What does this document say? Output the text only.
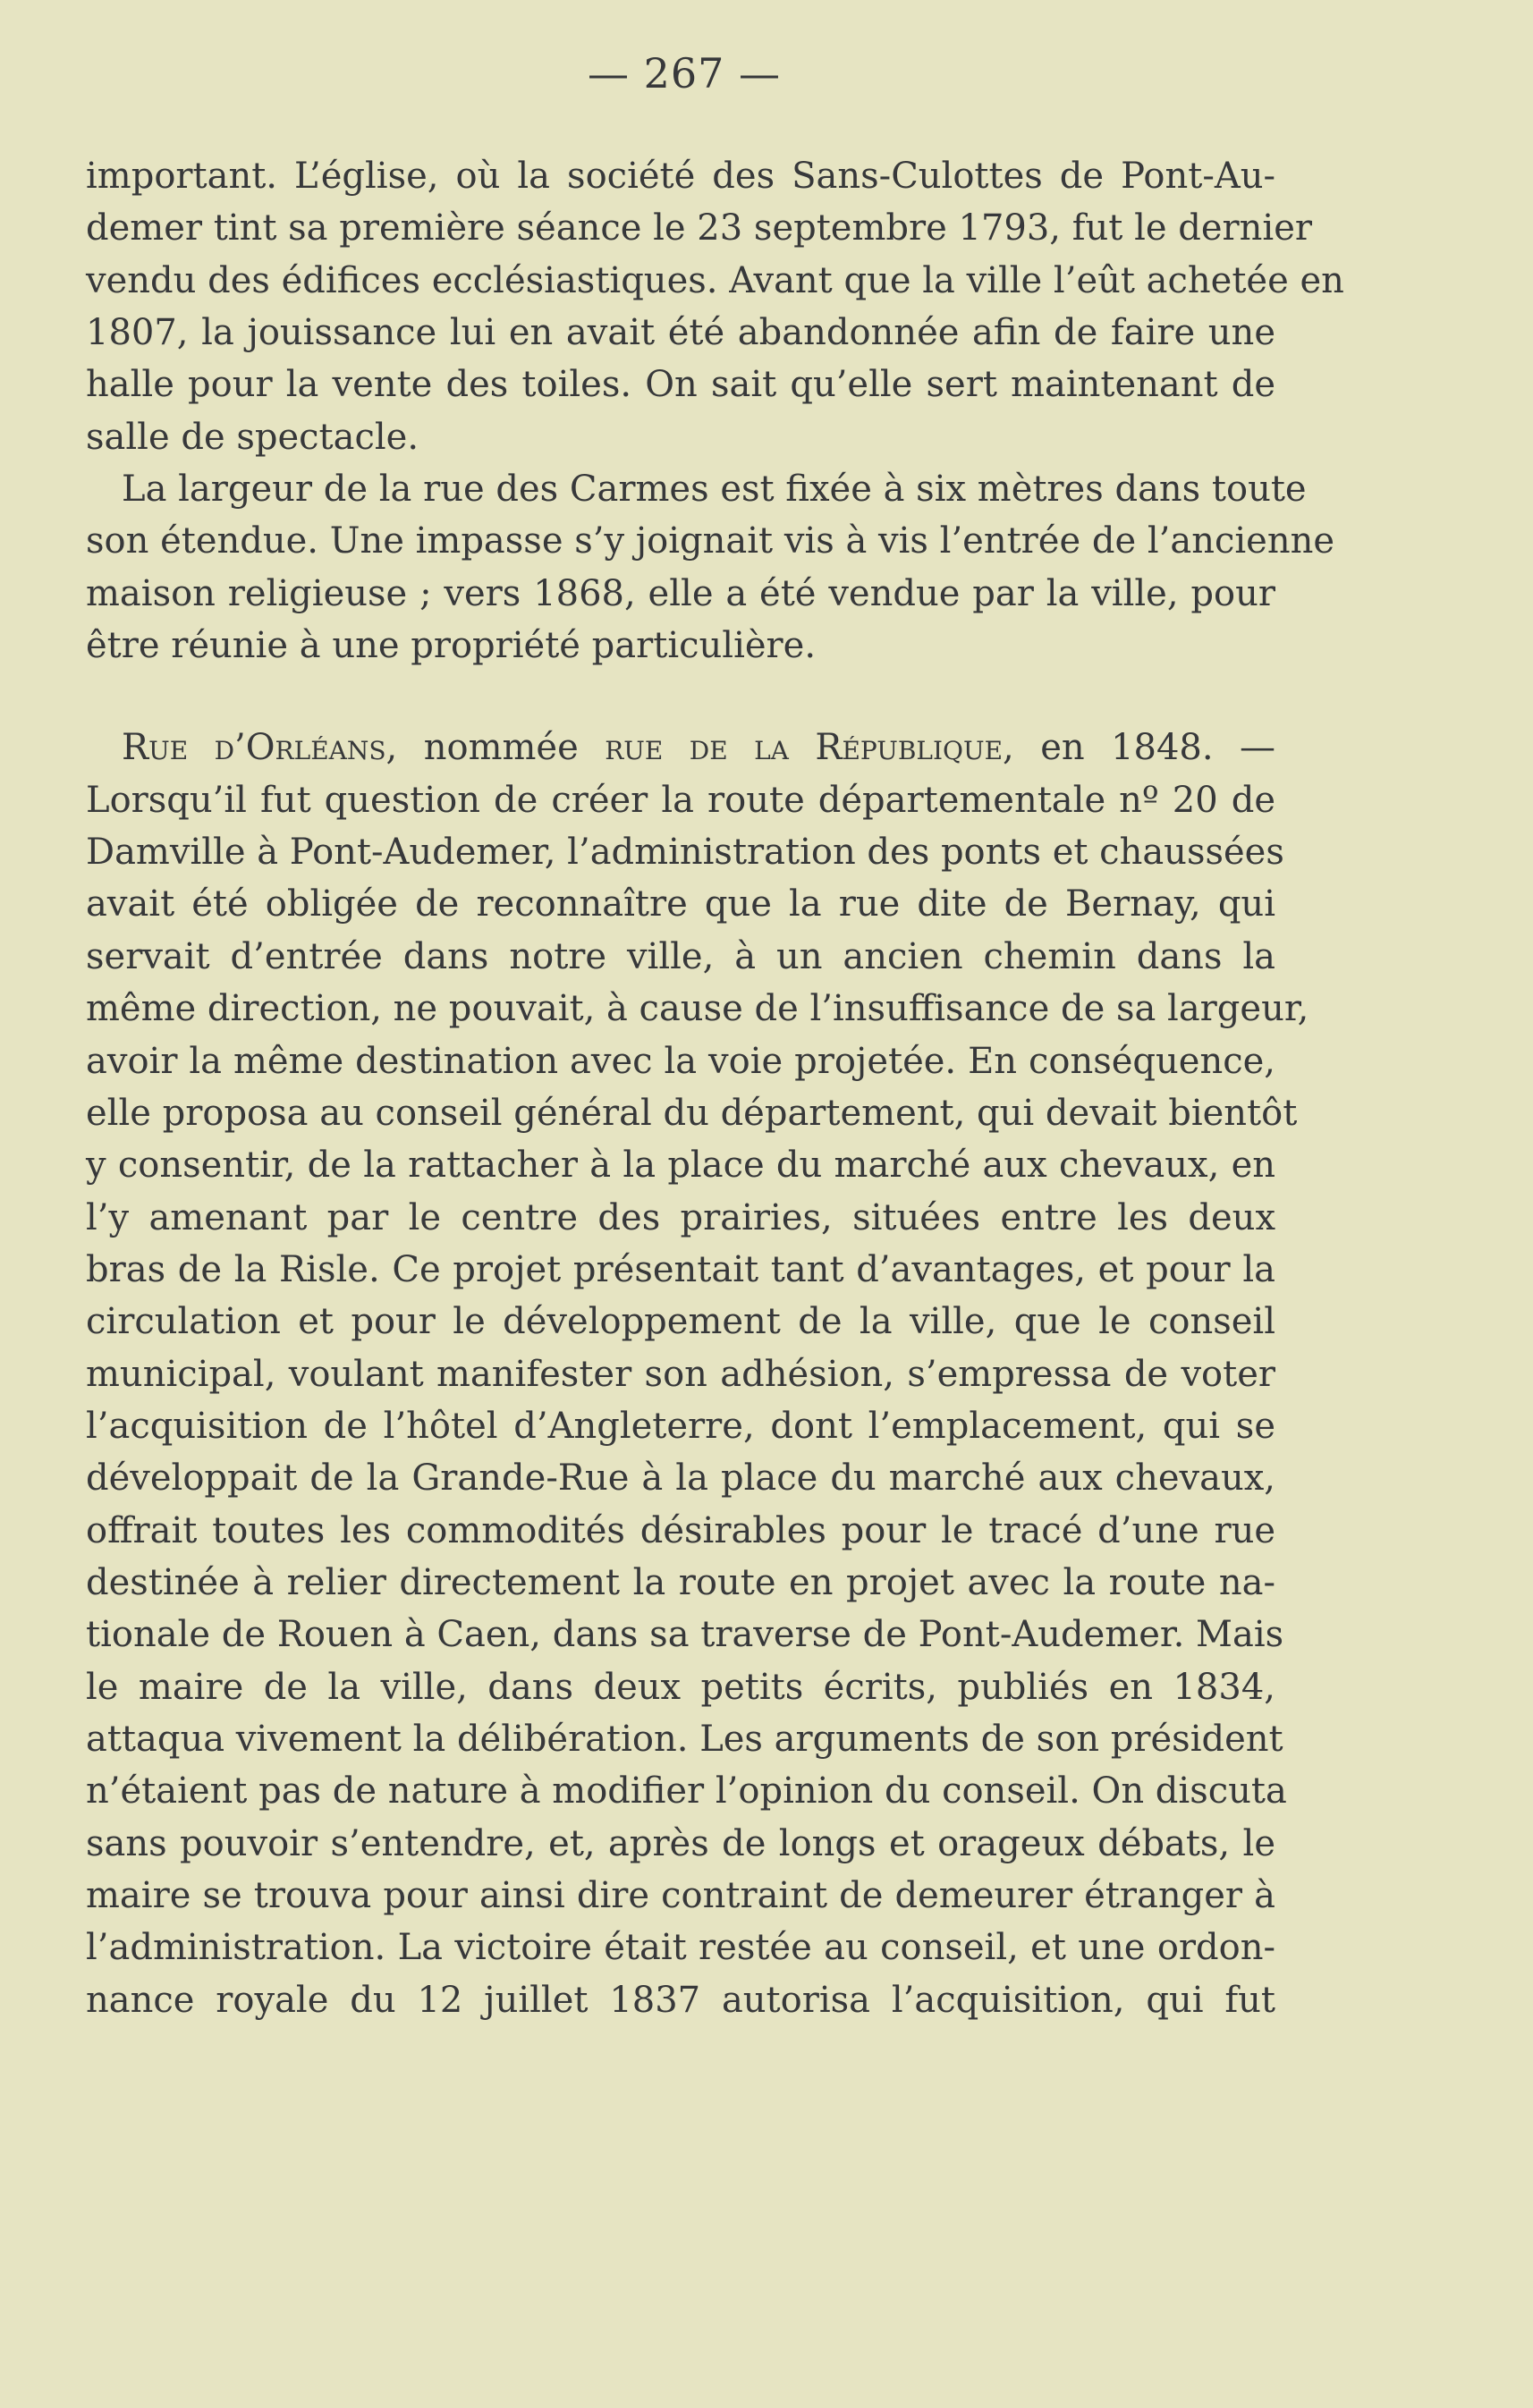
— 267 —
important. L’église, où la société des Sans-Culottes de Pont-Au-
demer tint sa première séance le 23 septembre 1793, fut le dernier
vendu des édifices ecclésiastiques. Avant que la ville l’eût achetée en
1807, la jouissance lui en avait été abandonnée afin de faire une
halle pour la vente des toiles. On sait qu’elle sert maintenant de
salle de spectacle.
La largeur de la rue des Carmes est fixée à six mètres dans toute
son étendue. Une impasse s’y joignait vis à vis l’entrée de l’ancienne
maison religieuse ; vers 1868, elle a été vendue par la ville, pour
être réunie à une propriété particulière.
Rue d’Orléans, nommée rue de la République, en 1848. —
Lorsqu’il fut question de créer la route départementale nº 20 de
Damville à Pont-Audemer, l’administration des ponts et chaussées
avait été obligée de reconnaître que la rue dite de Bernay, qui
servait d’entrée dans notre ville, à un ancien chemin dans la
même direction, ne pouvait, à cause de l’insuffisance de sa largeur,
avoir la même destination avec la voie projetée. En conséquence,
elle proposa au conseil général du département, qui devait bientôt
y consentir, de la rattacher à la place du marché aux chevaux, en
l’y amenant par le centre des prairies, situées entre les deux
bras de la Risle. Ce projet présentait tant d’avantages, et pour la
circulation et pour le développement de la ville, que le conseil
municipal, voulant manifester son adhésion, s’empressa de voter
l’acquisition de l’hôtel d’Angleterre, dont l’emplacement, qui se
développait de la Grande-Rue à la place du marché aux chevaux,
offrait toutes les commodités désirables pour le tracé d’une rue
destinée à relier directement la route en projet avec la route na-
tionale de Rouen à Caen, dans sa traverse de Pont-Audemer. Mais
le maire de la ville, dans deux petits écrits, publiés en 1834,
attaqua vivement la délibération. Les arguments de son président
n’étaient pas de nature à modifier l’opinion du conseil. On discuta
sans pouvoir s’entendre, et, après de longs et orageux débats, le
maire se trouva pour ainsi dire contraint de demeurer étranger à
l’administration. La victoire était restée au conseil, et une ordon-
nance royale du 12 juillet 1837 autorisa l’acquisition, qui fut
